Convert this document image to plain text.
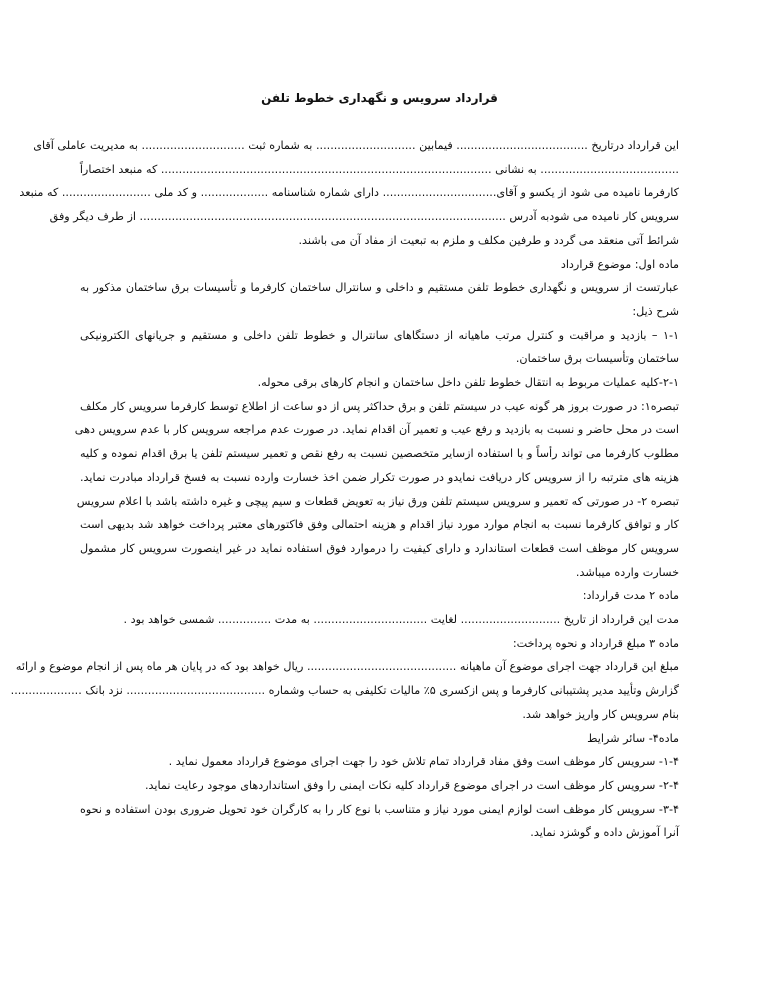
قرارداد سرویس و نگهداری خطوط تلفن
این قرارداد درتاریخ ..................................... فیمابین ............................ به شماره ثبت ............................. به مدیریت عاملی آقای
....................................... به نشانی ............................................................................................. که منبعد اختصاراً
کارفرما نامیده می شود از یکسو و آقای................................ دارای شماره شناسنامه ................... و کد ملی ......................... که منبعد
سرویس کار نامیده می شودبه آدرس ....................................................................................................... از طرف دیگر وفق
شرائط آتی منعقد می گردد و طرفین مکلف و ملزم به تبعیت از مفاد آن می باشند.
ماده اول: موضوع قرارداد
عبارتست از سرویس و نگهداری خطوط تلفن مستقیم و داخلی و سانترال ساختمان کارفرما و تأسیسات برق ساختمان مذکور به
شرح ذیل:
۱-۱ – بازدید و مراقبت و کنترل مرتب ماهیانه از دستگاهای سانترال و خطوط تلفن داخلی و مستقیم و جریانهای الکترونیکی
ساختمان وتأسیسات برق ساختمان.
۲-۱-کلیه عملیات مربوط به انتقال خطوط تلفن داخل ساختمان و انجام کارهای برقی محوله.
تبصره۱: در صورت بروز هر گونه عیب در سیستم تلفن و برق حداکثر پس از دو ساعت از اطلاع توسط کارفرما سرویس کار مکلف
است در محل حاضر و نسبت به بازدید و رفع عیب و تعمیر آن اقدام نماید. در صورت عدم مراجعه سرویس کار با عدم سرویس دهی
مطلوب کارفرما می تواند رأساً و با استفاده ازسایر متخصصین نسبت به رفع نقص و تعمیر سیستم تلفن یا برق اقدام نموده و کلیه
هزینه های مترتبه را از سرویس کار دریافت نمایدو در صورت تکرار ضمن اخذ خسارت وارده نسبت به فسخ قرارداد مبادرت نماید.
تبصره ۲- در صورتی که تعمیر و سرویس سیستم تلفن ورق نیاز به تعویض قطعات و سیم پیچی و غیره داشته باشد با اعلام سرویس
کار و توافق کارفرما نسبت به انجام موارد مورد نیاز اقدام و هزینه احتمالی وفق فاکتورهای معتبر پرداخت خواهد شد بدیهی است
سرویس کار موظف است قطعات استاندارد و دارای کیفیت را درموارد فوق استفاده نماید در غیر اینصورت سرویس کار مشمول
خسارت وارده میباشد.
ماده ۲ مدت قرارداد:
مدت این قرارداد از تاریخ ............................ لغایت ................................ به مدت ............... شمسی خواهد بود .
ماده ۳ مبلغ قرارداد و نحوه پرداخت:
مبلغ این قرارداد جهت اجرای موضوع آن ماهیانه .......................................... ریال خواهد بود که در پایان هر ماه پس از انجام موضوع و ارائه
گزارش وتأیید مدیر پشتیبانی کارفرما و پس ازکسری ۵٪ مالیات تکلیفی به حساب وشماره ....................................... نزد بانک ....................
بنام سرویس کار واریز خواهد شد.
ماده۴- سائر شرایط
۱-۴- سرویس کار موظف است وفق مفاد قرارداد تمام تلاش خود را جهت اجرای موضوع قرارداد معمول نماید .
۲-۴- سرویس کار موظف است در اجرای موضوع قرارداد کلیه نکات ایمنی را وفق استانداردهای موجود رعایت نماید.
۳-۴- سرویس کار موظف است لوازم ایمنی مورد نیاز و متناسب با نوع کار را به کارگران خود تحویل ضروری بودن استفاده و نحوه
آنرا آموزش داده و گوشزد نماید.
